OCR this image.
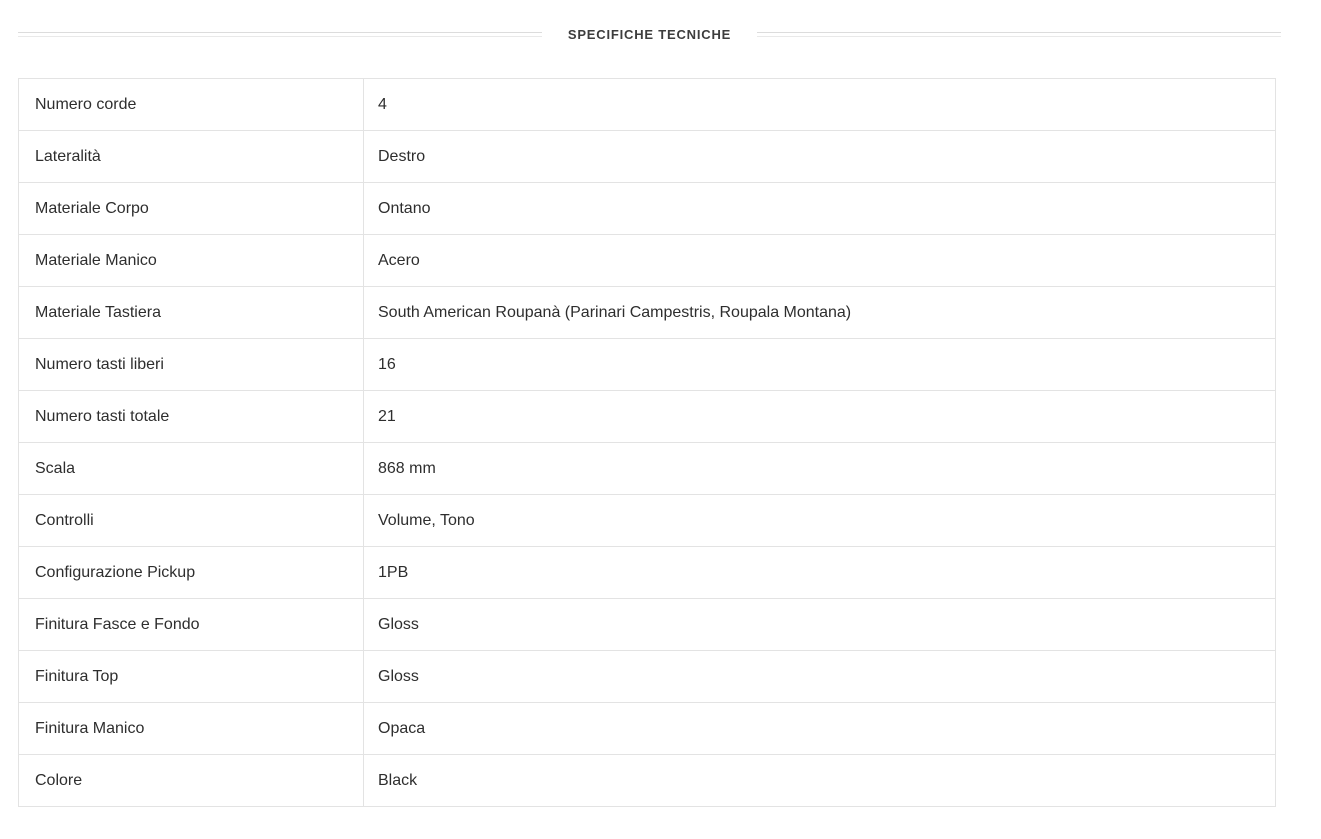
SPECIFICHE TECNICHE
Numero corde	4
Lateralità	Destro
Materiale Corpo	Ontano
Materiale Manico	Acero
Materiale Tastiera	South American Roupanà (Parinari Campestris, Roupala Montana)
Numero tasti liberi	16
Numero tasti totale	21
Scala	868 mm
Controlli	Volume, Tono
Configurazione Pickup	1PB
Finitura Fasce e Fondo	Gloss
Finitura Top	Gloss
Finitura Manico	Opaca
Colore	Black
